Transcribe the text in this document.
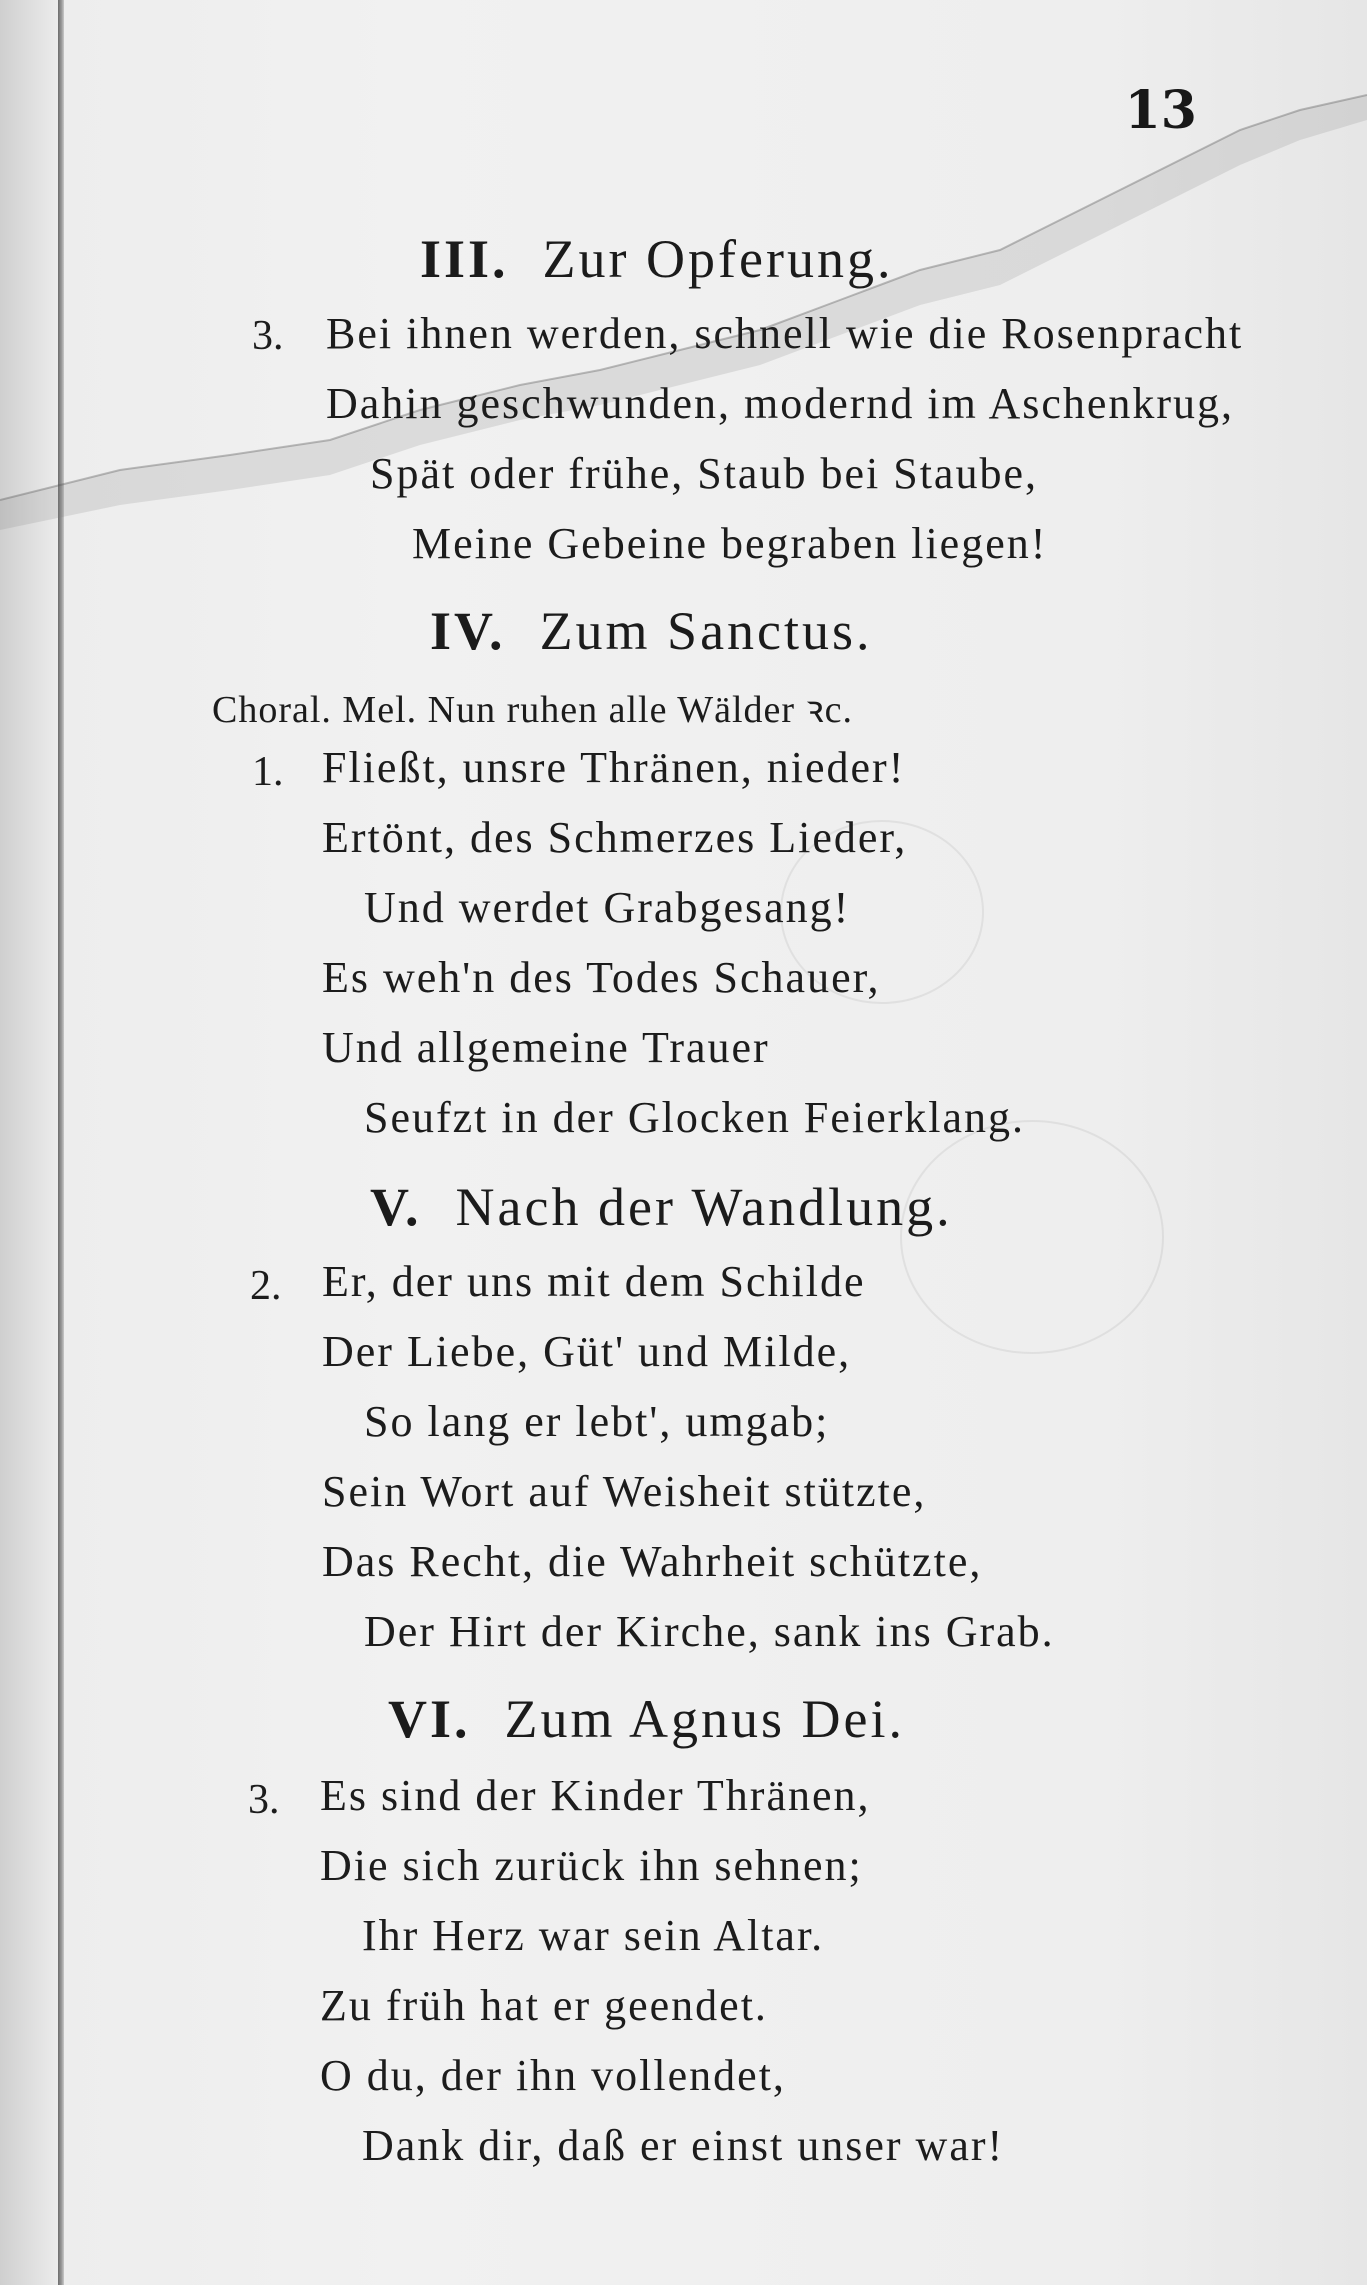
13
III. Zur Opferung.
3. Bei ihnen werden, schnell wie die Rosenpracht
Dahin geschwunden, modernd im Aschenkrug,
Spät oder frühe, Staub bei Staube,
Meine Gebeine begraben liegen!
IV. Zum Sanctus.
Choral. Mel. Nun ruhen alle Wälder ꝛc.
1. Fließt, unsre Thränen, nieder!
Ertönt, des Schmerzes Lieder,
Und werdet Grabgesang!
Es weh'n des Todes Schauer,
Und allgemeine Trauer
Seufzt in der Glocken Feierklang.
V. Nach der Wandlung.
2. Er, der uns mit dem Schilde
Der Liebe, Güt' und Milde,
So lang er lebt', umgab;
Sein Wort auf Weisheit stützte,
Das Recht, die Wahrheit schützte,
Der Hirt der Kirche, sank ins Grab.
VI. Zum Agnus Dei.
3. Es sind der Kinder Thränen,
Die sich zurück ihn sehnen;
Ihr Herz war sein Altar.
Zu früh hat er geendet.
O du, der ihn vollendet,
Dank dir, daß er einst unser war!
